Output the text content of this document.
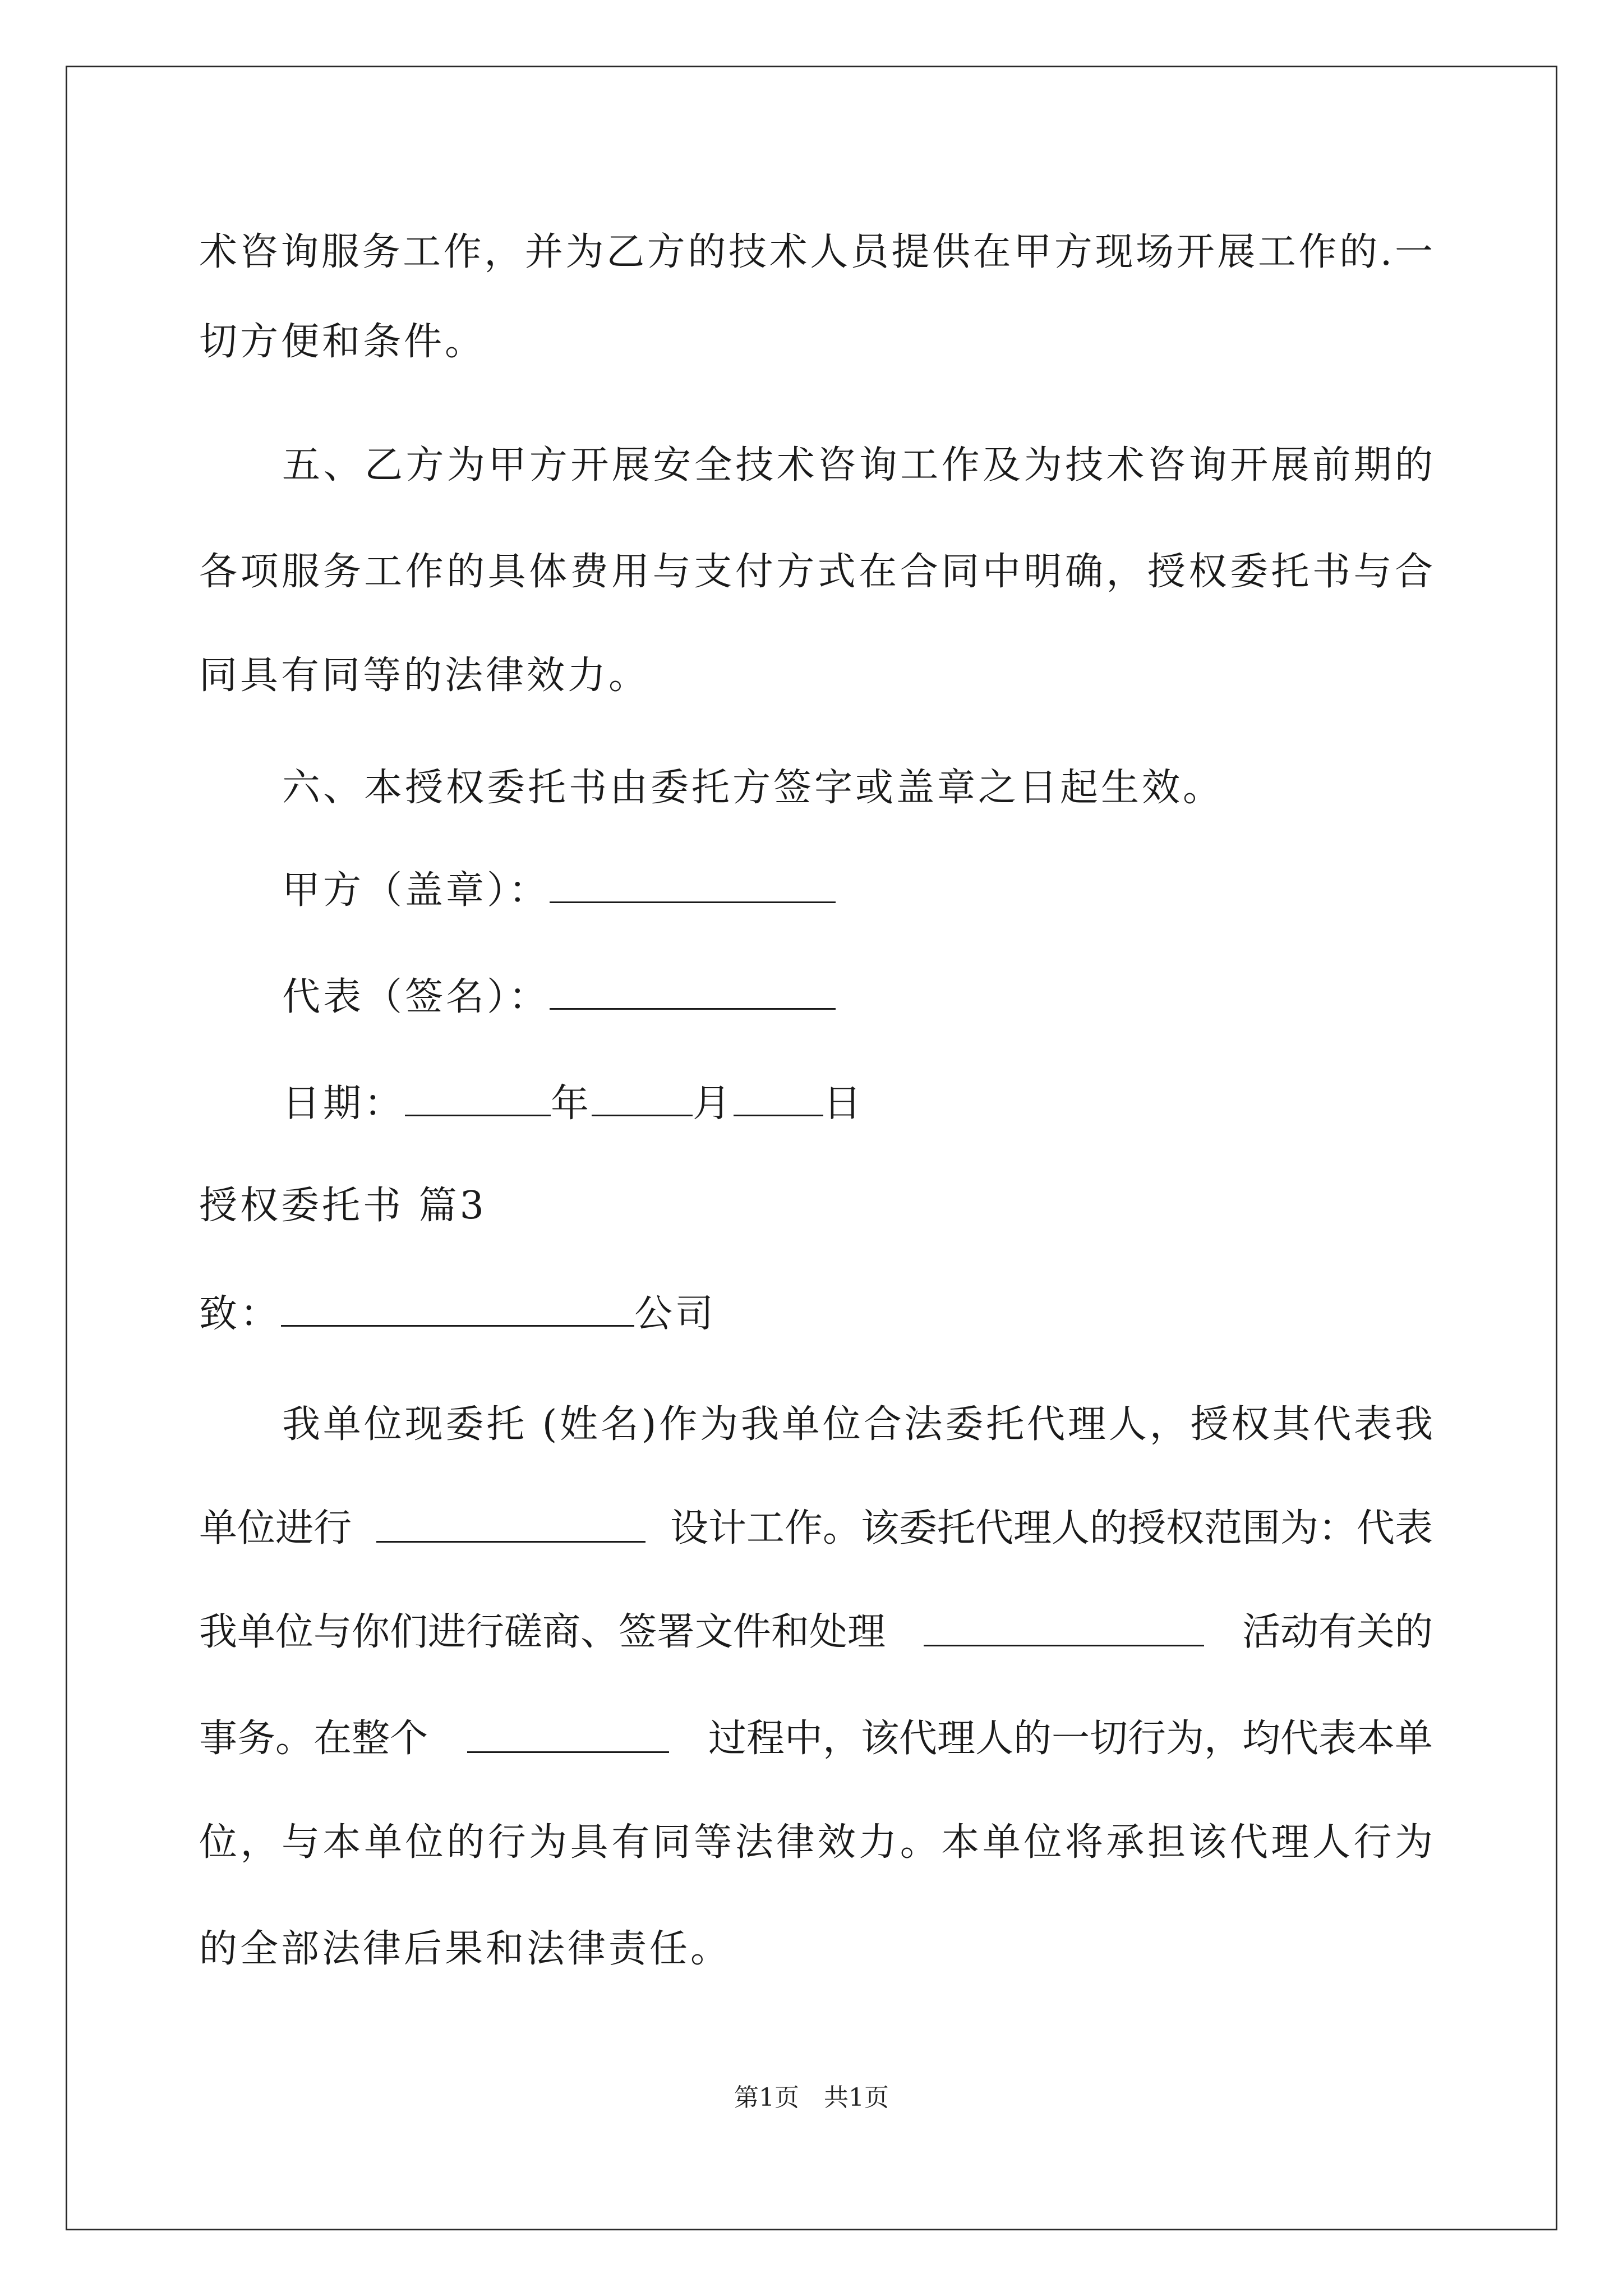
术咨询服务工作，并为乙方的技术人员提供在甲方现场开展工作的.一
切方便和条件。
五、乙方为甲方开展安全技术咨询工作及为技术咨询开展前期的
各项服务工作的具体费用与支付方式在合同中明确，授权委托书与合
同具有同等的法律效力。
六、本授权委托书由委托方签字或盖章之日起生效。
甲方（盖章）：
代表（签名）：
日期：	年	月 日
授权委托书 篇3
致：	公司
我单位现委托 (姓名)作为我单位合法委托代理人，授权其代表我
单位进行	设计工作。该委托代理人的授权范围为：代表
我单位与你们进行磋商、签署文件和处理	活动有关的
事务。在整个	过程中，该代理人的一切行为，均代表本单
位，与本单位的行为具有同等法律效力。本单位将承担该代理人行为
的全部法律后果和法律责任。
第1页　共1页
